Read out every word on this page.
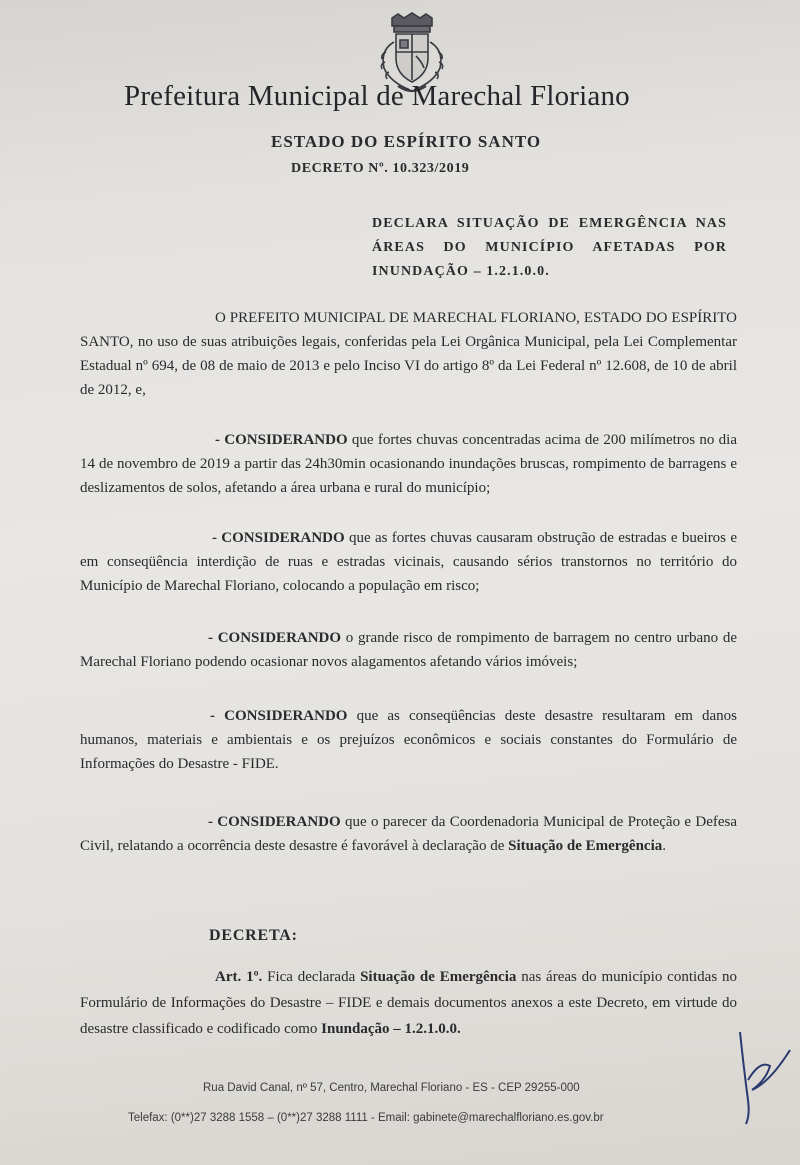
Prefeitura Municipal de Marechal Floriano
ESTADO DO ESPÍRITO SANTO
DECRETO Nº. 10.323/2019
DECLARA SITUAÇÃO DE EMERGÊNCIA NAS ÁREAS DO MUNICÍPIO AFETADAS POR INUNDAÇÃO – 1.2.1.0.0.
O PREFEITO MUNICIPAL DE MARECHAL FLORIANO, ESTADO DO ESPÍRITO SANTO, no uso de suas atribuições legais, conferidas pela Lei Orgânica Municipal, pela Lei Complementar Estadual nº 694, de 08 de maio de 2013 e pelo Inciso VI do artigo 8º da Lei Federal nº 12.608, de 10 de abril de 2012, e,
- CONSIDERANDO que fortes chuvas concentradas acima de 200 milímetros no dia 14 de novembro de 2019 a partir das 24h30min ocasionando inundações bruscas, rompimento de barragens e deslizamentos de solos, afetando a área urbana e rural do município;
- CONSIDERANDO que as fortes chuvas causaram obstrução de estradas e bueiros e em conseqüência interdição de ruas e estradas vicinais, causando sérios transtornos no território do Município de Marechal Floriano, colocando a população em risco;
- CONSIDERANDO o grande risco de rompimento de barragem no centro urbano de Marechal Floriano podendo ocasionar novos alagamentos afetando vários imóveis;
- CONSIDERANDO que as conseqüências deste desastre resultaram em danos humanos, materiais e ambientais e os prejuízos econômicos e sociais constantes do Formulário de Informações do Desastre - FIDE.
- CONSIDERANDO que o parecer da Coordenadoria Municipal de Proteção e Defesa Civil, relatando a ocorrência deste desastre é favorável à declaração de Situação de Emergência.
DECRETA:
Art. 1º. Fica declarada Situação de Emergência nas áreas do município contidas no Formulário de Informações do Desastre – FIDE e demais documentos anexos a este Decreto, em virtude do desastre classificado e codificado como Inundação – 1.2.1.0.0.
Rua David Canal, nº 57, Centro, Marechal Floriano - ES - CEP 29255-000
Telefax: (0**)27 3288 1558 – (0**)27 3288 1111 - Email: gabinete@marechalfloriano.es.gov.br
